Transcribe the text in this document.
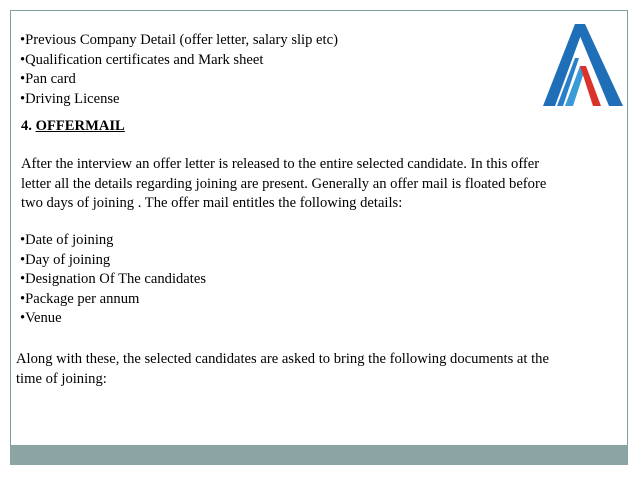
•Previous Company Detail (offer letter, salary slip etc)
•Qualification certificates and Mark sheet
•Pan card
•Driving License

4. OFFERMAIL

After the interview an offer letter is released to the entire selected candidate. In this offer
letter all the details regarding joining are present. Generally an offer mail is floated before
two days of joining . The offer mail entitles the following details:
•Date of joining
•Day of joining
•Designation Of The candidates
•Package per annum
•Venue
Along with these, the selected candidates are asked to bring the following documents at the
time of joining:
